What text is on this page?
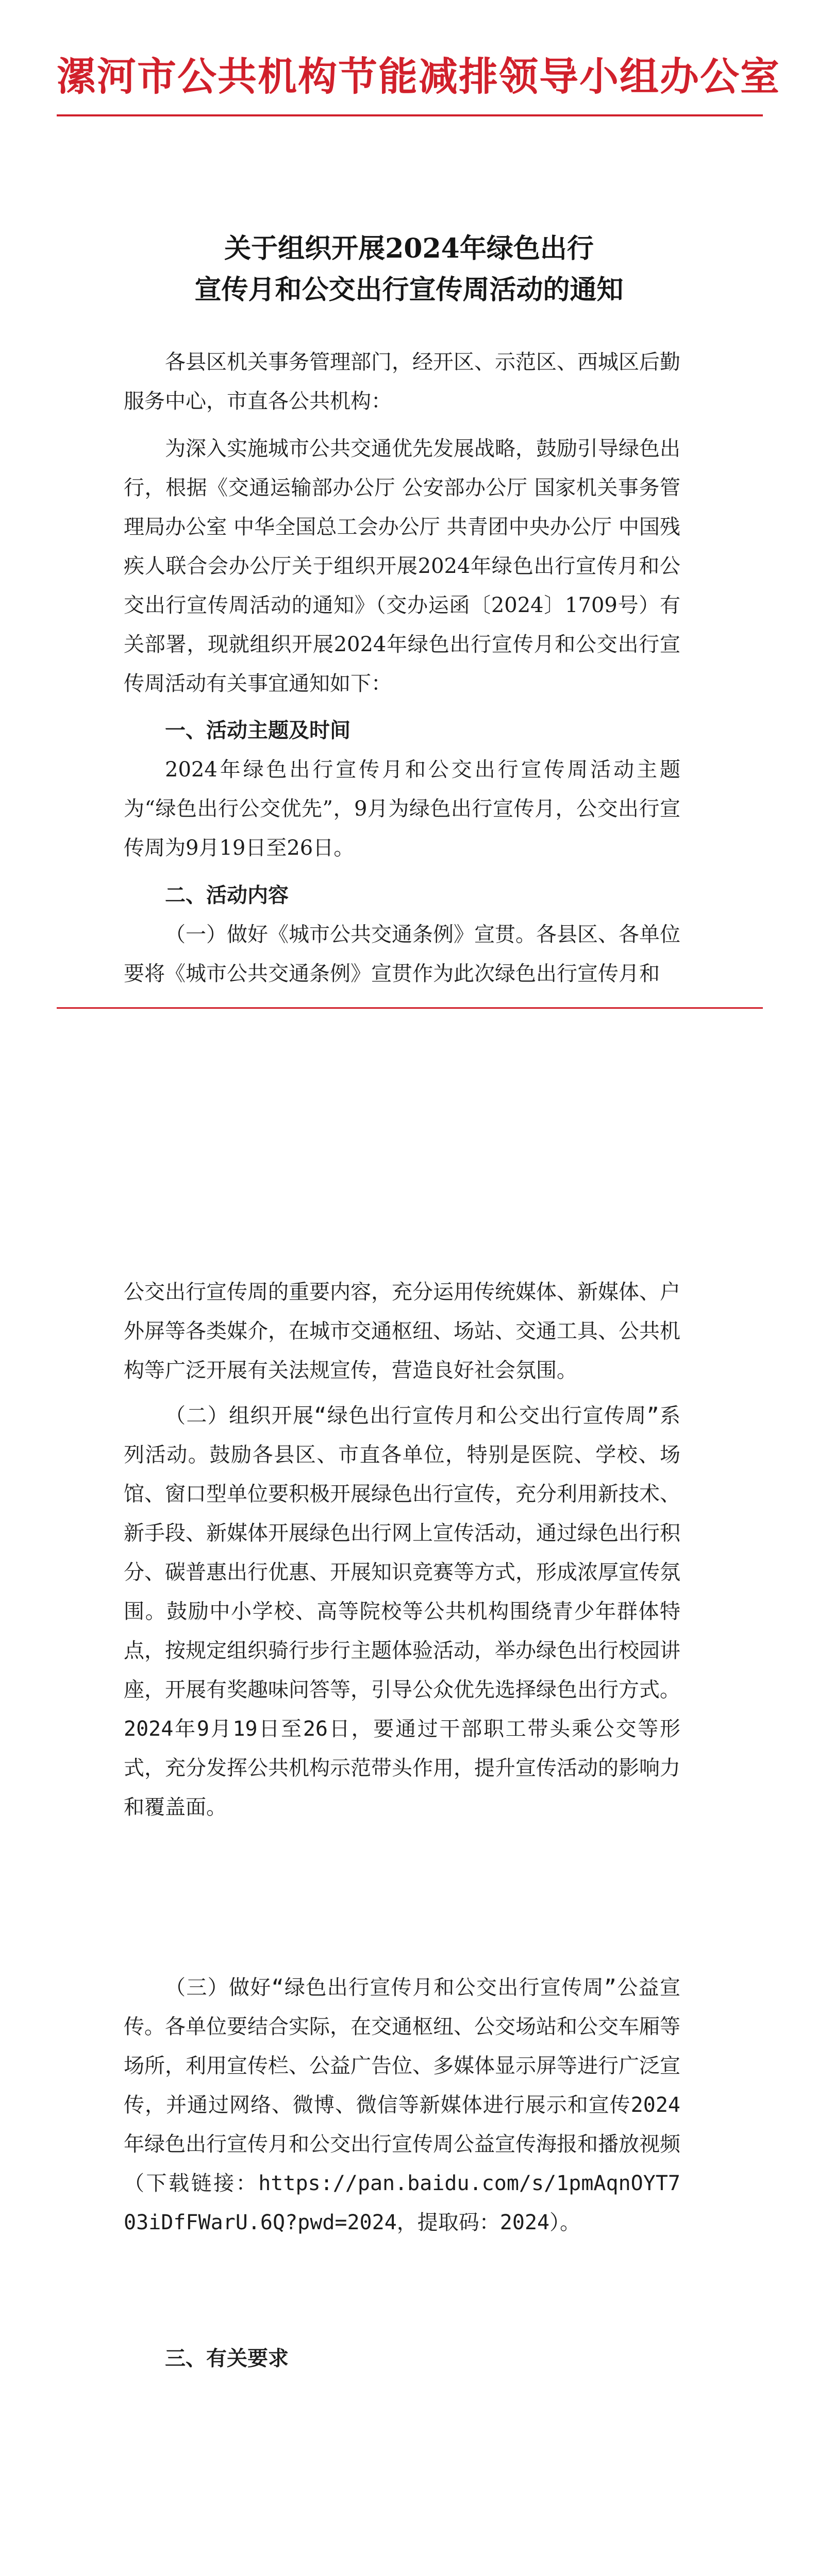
漯河市公共机构节能减排领导小组办公室
关于组织开展2024年绿色出行
宣传月和公交出行宣传周活动的通知

各县区机关事务管理部门，经开区、示范区、西城区后勤服务中心，市直各公共机构：

为深入实施城市公共交通优先发展战略，鼓励引导绿色出行，根据《交通运输部办公厅 公安部办公厅 国家机关事务管理局办公室 中华全国总工会办公厅 共青团中央办公厅 中国残疾人联合会办公厅关于组织开展2024年绿色出行宣传月和公交出行宣传周活动的通知》（交办运函〔2024〕1709号）有关部署，现就组织开展2024年绿色出行宣传月和公交出行宣传周活动有关事宜通知如下：

一、活动主题及时间

2024年绿色出行宣传月和公交出行宣传周活动主题为“绿色出行公交优先”，9月为绿色出行宣传月，公交出行宣传周为9月19日至26日。

二、活动内容

（一）做好《城市公共交通条例》宣贯。各县区、各单位要将《城市公共交通条例》宣贯作为此次绿色出行宣传月和

公交出行宣传周的重要内容，充分运用传统媒体、新媒体、户外屏等各类媒介，在城市交通枢纽、场站、交通工具、公共机构等广泛开展有关法规宣传，营造良好社会氛围。

（二）组织开展“绿色出行宣传月和公交出行宣传周”系列活动。鼓励各县区、市直各单位，特别是医院、学校、场馆、窗口型单位要积极开展绿色出行宣传，充分利用新技术、新手段、新媒体开展绿色出行网上宣传活动，通过绿色出行积分、碳普惠出行优惠、开展知识竞赛等方式，形成浓厚宣传氛围。鼓励中小学校、高等院校等公共机构围绕青少年群体特点，按规定组织骑行步行主题体验活动，举办绿色出行校园讲座，开展有奖趣味问答等，引导公众优先选择绿色出行方式。2024年9月19日至26日，要通过干部职工带头乘公交等形式，充分发挥公共机构示范带头作用，提升宣传活动的影响力和覆盖面。

（三）做好“绿色出行宣传月和公交出行宣传周”公益宣传。各单位要结合实际，在交通枢纽、公交场站和公交车厢等场所，利用宣传栏、公益广告位、多媒体显示屏等进行广泛宣传，并通过网络、微博、微信等新媒体进行展示和宣传2024年绿色出行宣传月和公交出行宣传周公益宣传海报和播放视频（下载链接：https://pan.baidu.com/s/1pmAqnOYT703iDfFWarU.6Q?pwd=2024，提取码：2024）。

三、有关要求
